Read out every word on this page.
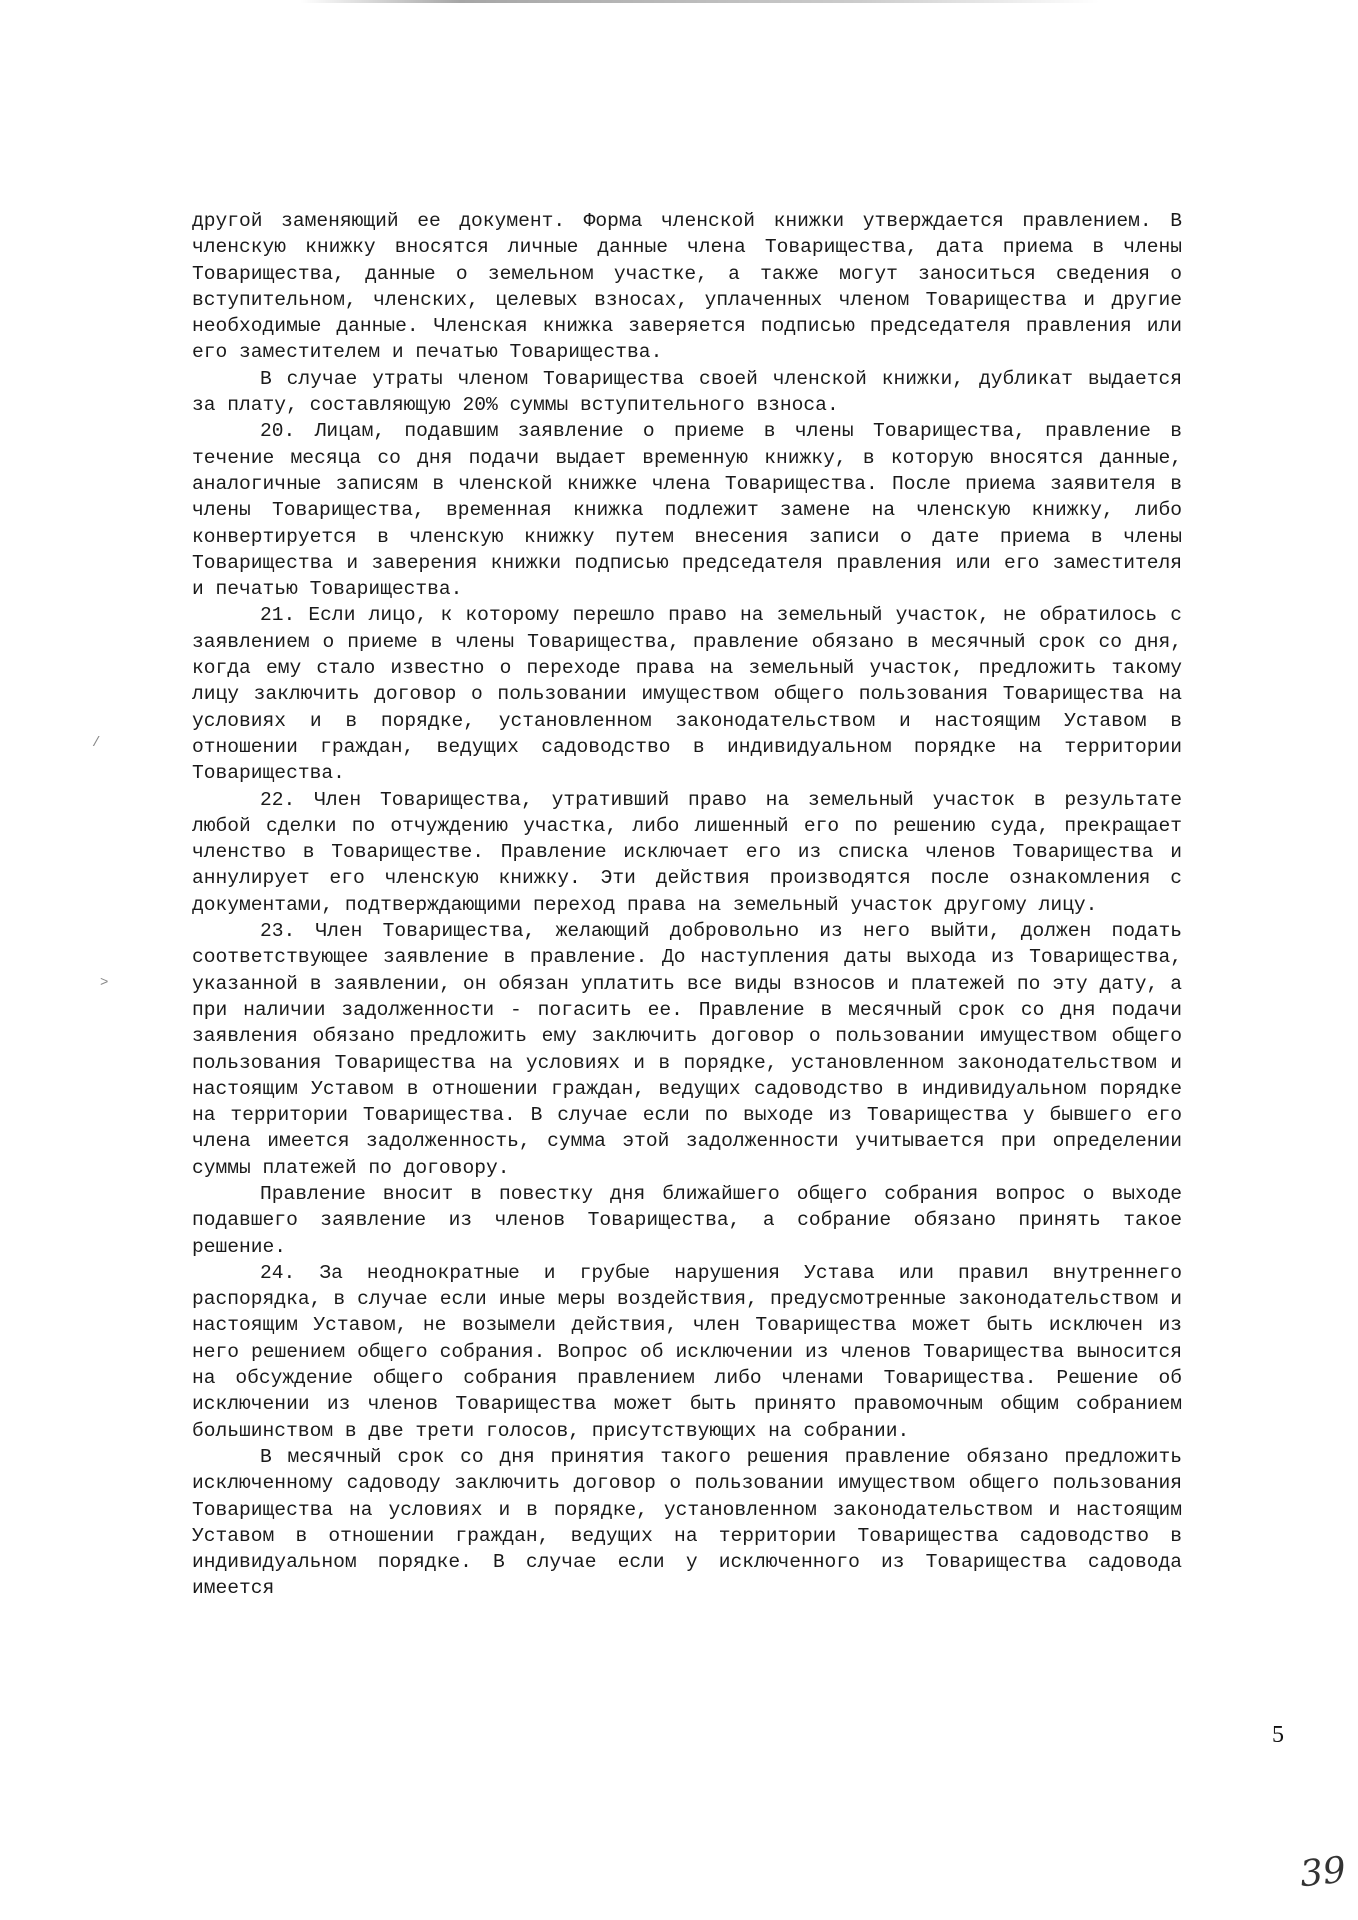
другой заменяющий ее документ. Форма членской книжки утверждается правлением. В членскую книжку вносятся личные данные члена Товарищества, дата приема в члены Товарищества, данные о земельном участке, а также могут заноситься сведения о вступительном, членских, целевых взносах, уплаченных членом Товарищества и другие необходимые данные. Членская книжка заверяется подписью председателя правления или его заместителем и печатью Товарищества.

В случае утраты членом Товарищества своей членской книжки, дубликат выдается за плату, составляющую 20% суммы вступительного взноса.

20. Лицам, подавшим заявление о приеме в члены Товарищества, правление в течение месяца со дня подачи выдает временную книжку, в которую вносятся данные, аналогичные записям в членской книжке члена Товарищества. После приема заявителя в члены Товарищества, временная книжка подлежит замене на членскую книжку, либо конвертируется в членскую книжку путем внесения записи о дате приема в члены Товарищества и заверения книжки подписью председателя правления или его заместителя и печатью Товарищества.

21. Если лицо, к которому перешло право на земельный участок, не обратилось с заявлением о приеме в члены Товарищества, правление обязано в месячный срок со дня, когда ему стало известно о переходе права на земельный участок, предложить такому лицу заключить договор о пользовании имуществом общего пользования Товарищества на условиях и в порядке, установленном законодательством и настоящим Уставом в отношении граждан, ведущих садоводство в индивидуальном порядке на территории Товарищества.

22. Член Товарищества, утративший право на земельный участок в результате любой сделки по отчуждению участка, либо лишенный его по решению суда, прекращает членство в Товариществе. Правление исключает его из списка членов Товарищества и аннулирует его членскую книжку. Эти действия производятся после ознакомления с документами, подтверждающими переход права на земельный участок другому лицу.

23. Член Товарищества, желающий добровольно из него выйти, должен подать соответствующее заявление в правление. До наступления даты выхода из Товарищества, указанной в заявлении, он обязан уплатить все виды взносов и платежей по эту дату, а при наличии задолженности - погасить ее. Правление в месячный срок со дня подачи заявления обязано предложить ему заключить договор о пользовании имуществом общего пользования Товарищества на условиях и в порядке, установленном законодательством и настоящим Уставом в отношении граждан, ведущих садоводство в индивидуальном порядке на территории Товарищества. В случае если по выходе из Товарищества у бывшего его члена имеется задолженность, сумма этой задолженности учитывается при определении суммы платежей по договору.

Правление вносит в повестку дня ближайшего общего собрания вопрос о выходе подавшего заявление из членов Товарищества, а собрание обязано принять такое решение.

24. За неоднократные и грубые нарушения Устава или правил внутреннего распорядка, в случае если иные меры воздействия, предусмотренные законодательством и настоящим Уставом, не возымели действия, член Товарищества может быть исключен из него решением общего собрания. Вопрос об исключении из членов Товарищества выносится на обсуждение общего собрания правлением либо членами Товарищества. Решение об исключении из членов Товарищества может быть принято правомочным общим собранием большинством в две трети голосов, присутствующих на собрании.

В месячный срок со дня принятия такого решения правление обязано предложить исключенному садоводу заключить договор о пользовании имуществом общего пользования Товарищества на условиях и в порядке, установленном законодательством и настоящим Уставом в отношении граждан, ведущих на территории Товарищества садоводство в индивидуальном порядке. В случае если у исключенного из Товарищества садовода имеется

/
>
5
39
